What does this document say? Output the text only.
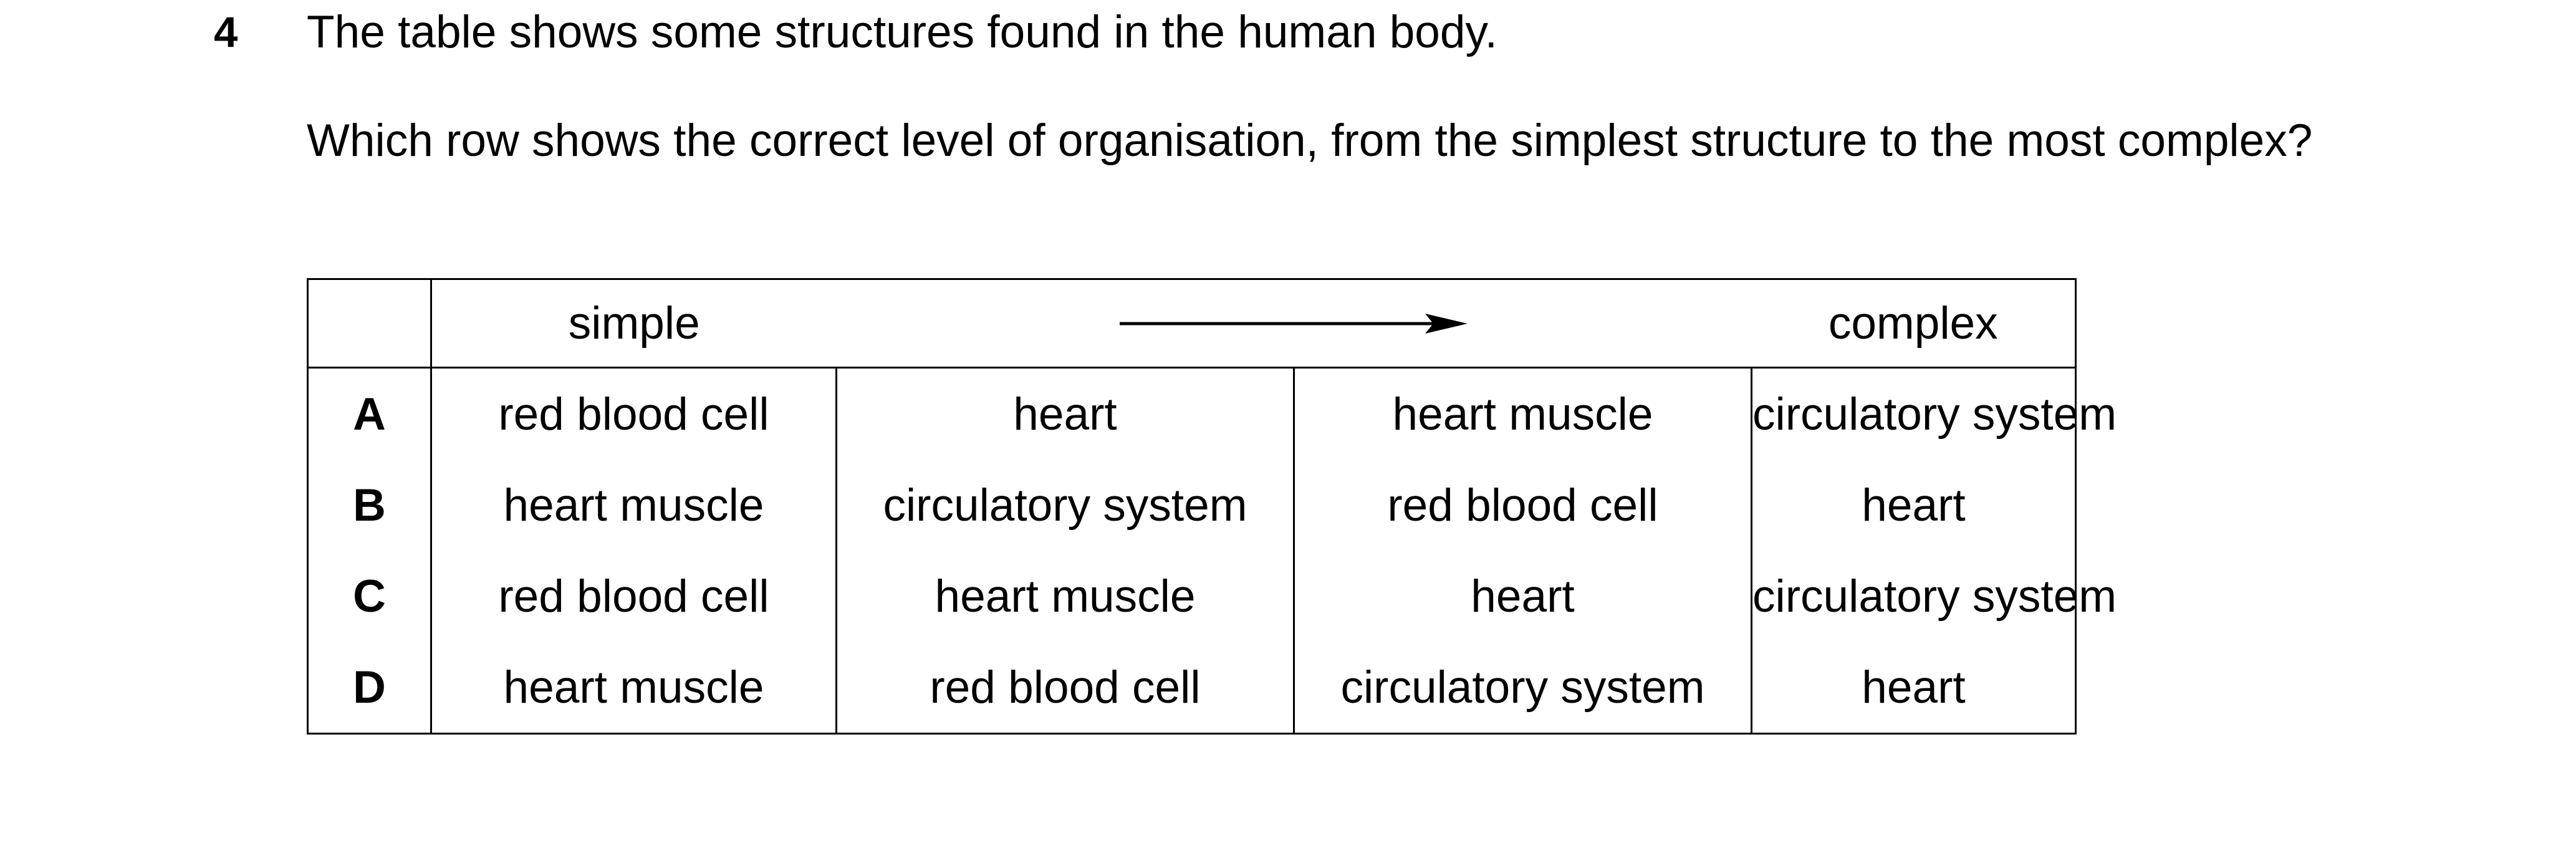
4 The table shows some structures found in the human body.
Which row shows the correct level of organisation, from the simplest structure to the most complex?
	simple			complex
A	red blood cell	heart	heart muscle	circulatory system
B	heart muscle	circulatory system	red blood cell	heart
C	red blood cell	heart muscle	heart	circulatory system
D	heart muscle	red blood cell	circulatory system	heart
